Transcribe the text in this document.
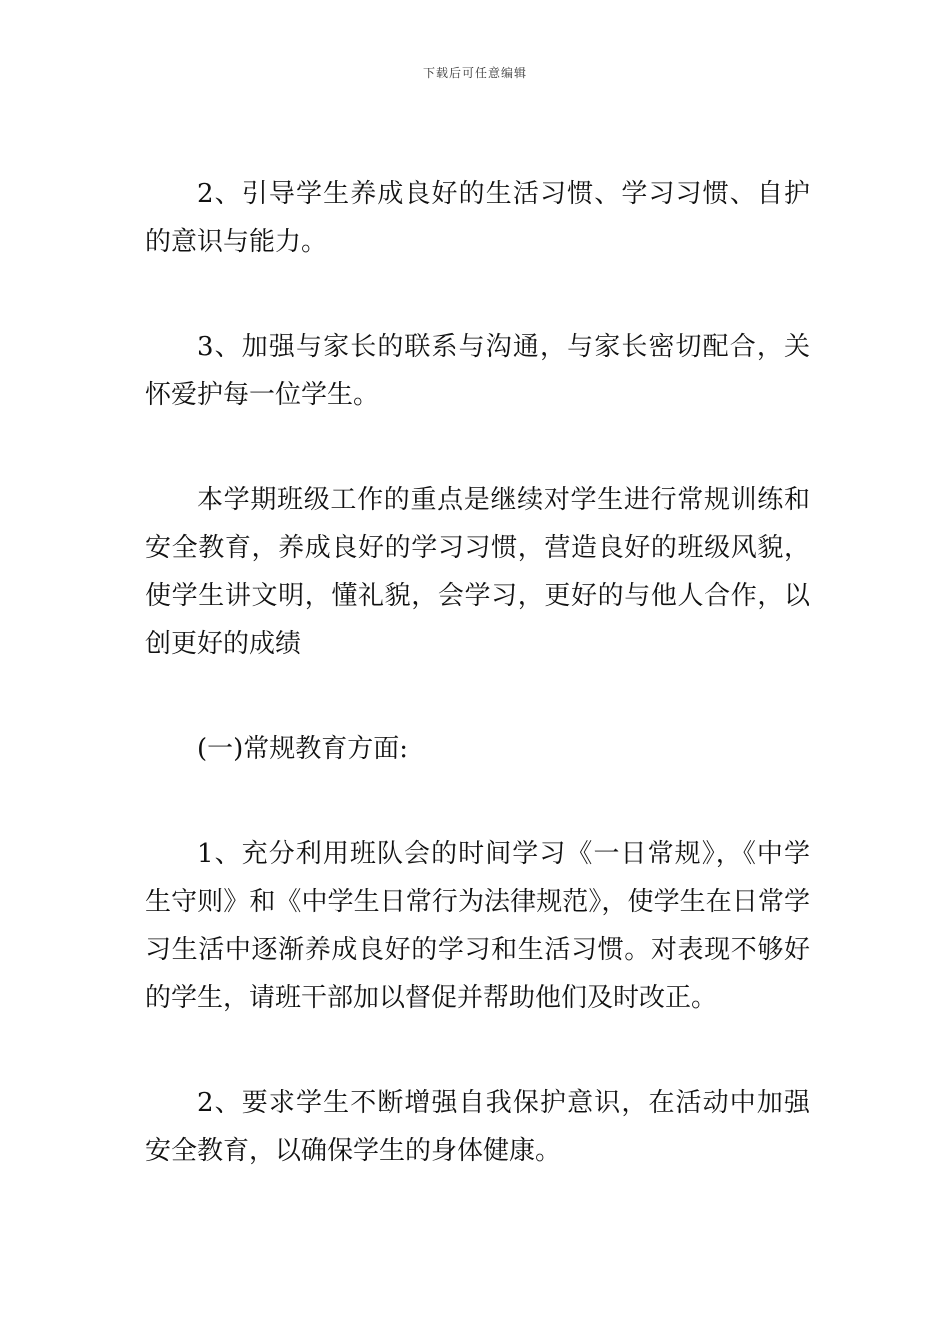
下载后可任意编辑

2、引导学生养成良好的生活习惯、学习习惯、自护的意识与能力。

3、加强与家长的联系与沟通，与家长密切配合，关怀爱护每一位学生。

本学期班级工作的重点是继续对学生进行常规训练和安全教育，养成良好的学习习惯，营造良好的班级风貌，使学生讲文明，懂礼貌，会学习，更好的与他人合作，以创更好的成绩

(一)常规教育方面:

1、充分利用班队会的时间学习《一日常规》，《中学生守则》和《中学生日常行为法律规范》，使学生在日常学习生活中逐渐养成良好的学习和生活习惯。对表现不够好的学生，请班干部加以督促并帮助他们及时改正。

2、要求学生不断增强自我保护意识，在活动中加强安全教育，以确保学生的身体健康。
